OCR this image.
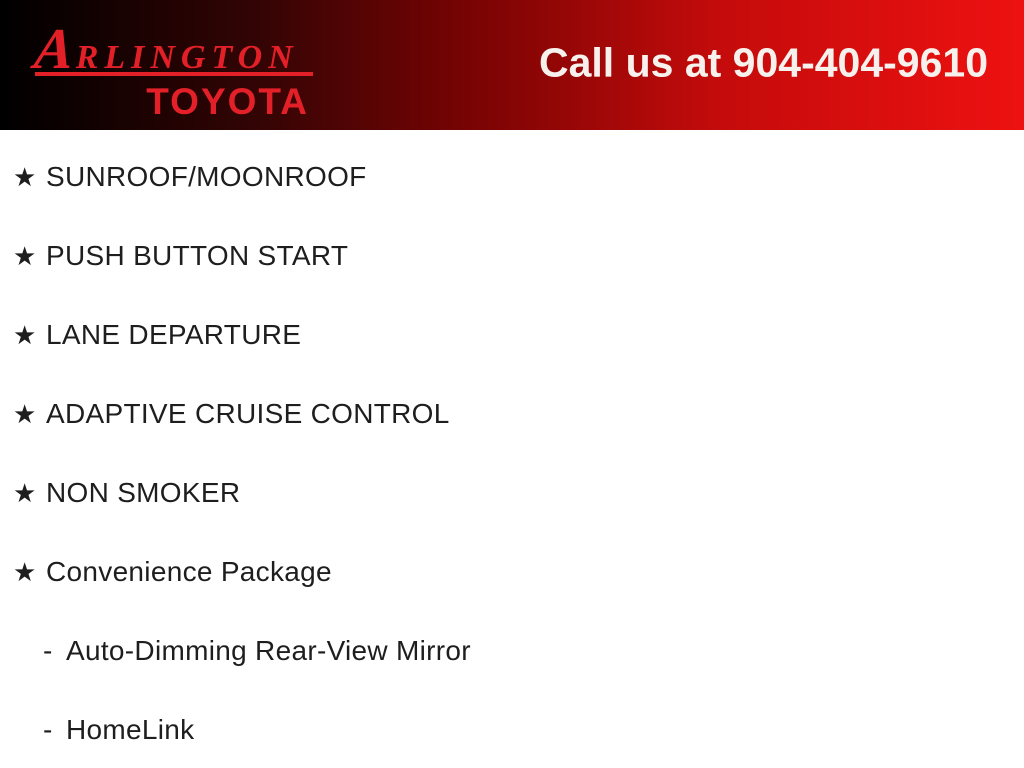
ARLINGTON
TOYOTA
Call us at 904-404-9610
★ SUNROOF/MOONROOF
★ PUSH BUTTON START
★ LANE DEPARTURE
★ ADAPTIVE CRUISE CONTROL
★ NON SMOKER
★ Convenience Package
- Auto-Dimming Rear-View Mirror
- HomeLink
